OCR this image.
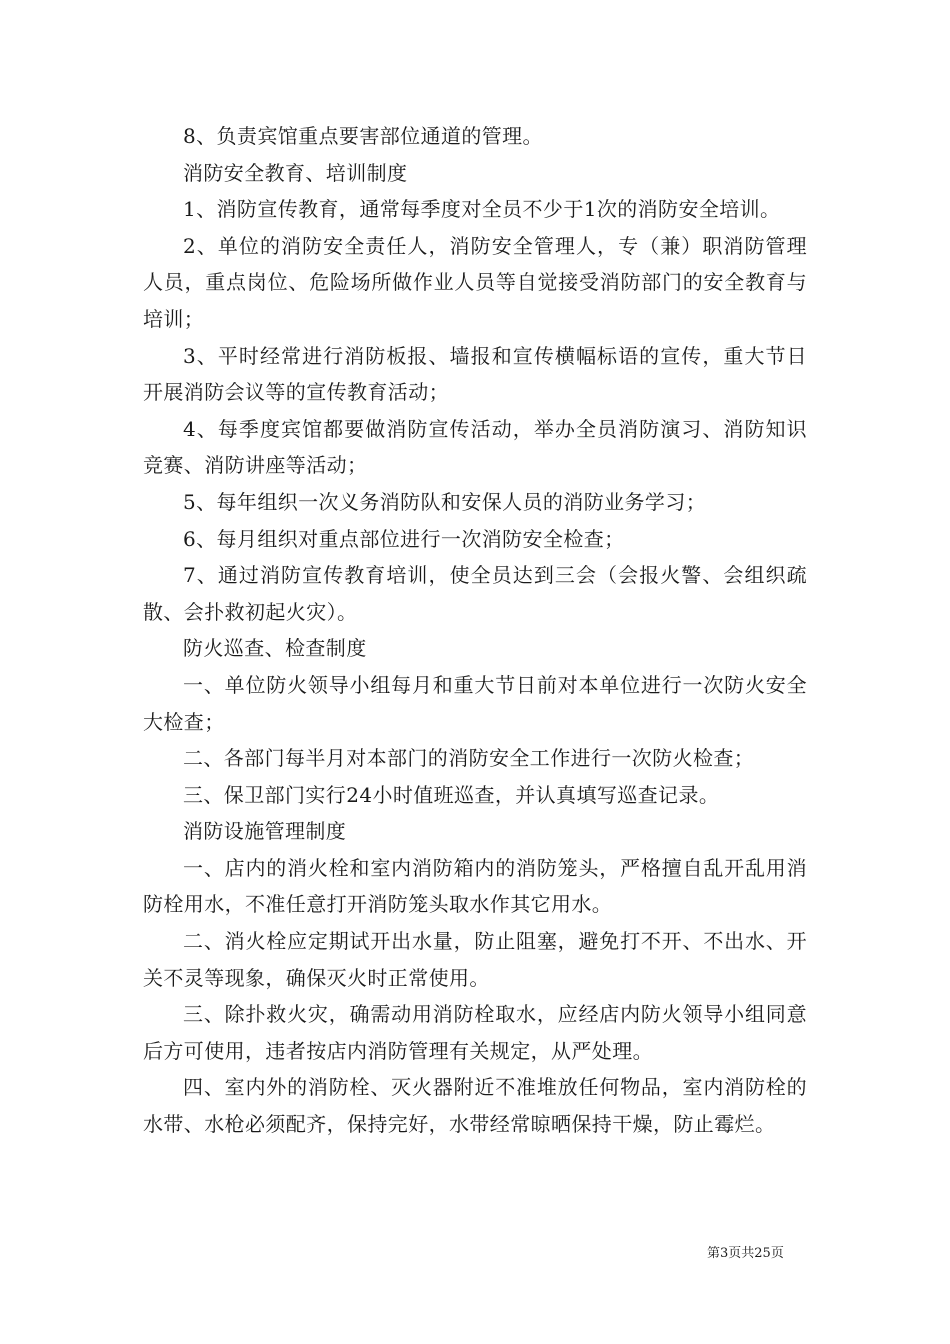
8、负责宾馆重点要害部位通道的管理。

消防安全教育、培训制度

1、消防宣传教育，通常每季度对全员不少于1次的消防安全培训。

2、单位的消防安全责任人，消防安全管理人，专（兼）职消防管理人员，重点岗位、危险场所做作业人员等自觉接受消防部门的安全教育与培训；

3、平时经常进行消防板报、墙报和宣传横幅标语的宣传，重大节日开展消防会议等的宣传教育活动；

4、每季度宾馆都要做消防宣传活动，举办全员消防演习、消防知识竞赛、消防讲座等活动；

5、每年组织一次义务消防队和安保人员的消防业务学习；

6、每月组织对重点部位进行一次消防安全检查；

7、通过消防宣传教育培训，使全员达到三会（会报火警、会组织疏散、会扑救初起火灾）。

防火巡查、检查制度

一、单位防火领导小组每月和重大节日前对本单位进行一次防火安全大检查；

二、各部门每半月对本部门的消防安全工作进行一次防火检查；

三、保卫部门实行24小时值班巡查，并认真填写巡查记录。

消防设施管理制度

一、店内的消火栓和室内消防箱内的消防笼头，严格擅自乱开乱用消防栓用水，不准任意打开消防笼头取水作其它用水。

二、消火栓应定期试开出水量，防止阻塞，避免打不开、不出水、开关不灵等现象，确保灭火时正常使用。

三、除扑救火灾，确需动用消防栓取水，应经店内防火领导小组同意后方可使用，违者按店内消防管理有关规定，从严处理。

四、室内外的消防栓、灭火器附近不准堆放任何物品，室内消防栓的水带、水枪必须配齐，保持完好，水带经常晾晒保持干燥，防止霉烂。

第3页共25页
